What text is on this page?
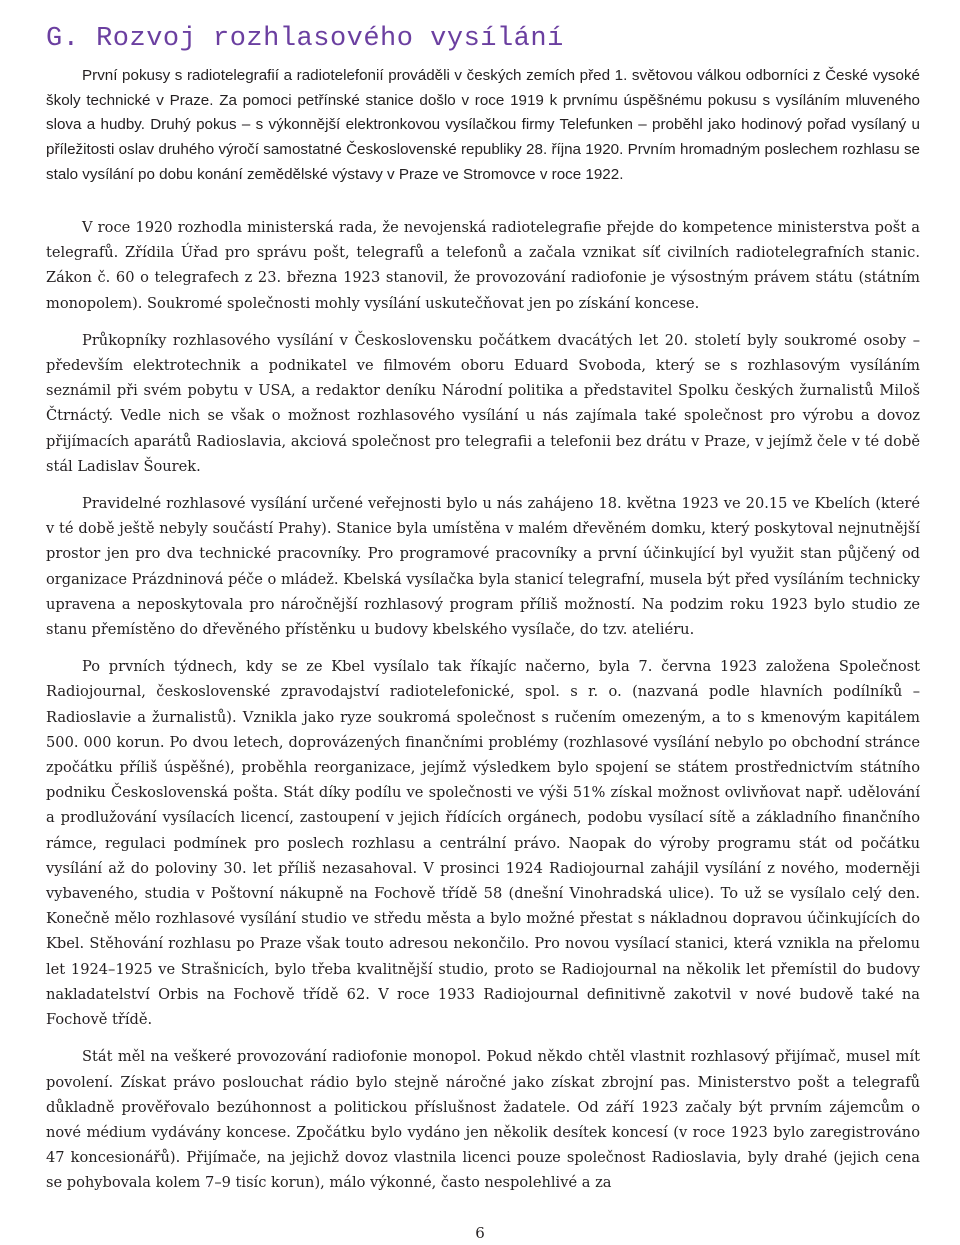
G. Rozvoj rozhlasového vysílání

První pokusy s radiotelegrafií a radiotelefonií prováděli v českých zemích před 1. světovou válkou odborníci z České vysoké školy technické v Praze. Za pomoci petřínské stanice došlo v roce 1919 k prvnímu úspěšnému pokusu s vysíláním mluveného slova a hudby. Druhý pokus – s výkonnější elektronkovou vysílačkou firmy Telefunken – proběhl jako hodinový pořad vysílaný u příležitosti oslav druhého výročí samostatné Československé republiky 28. října 1920. Prvním hromadným poslechem rozhlasu se stalo vysílání po dobu konání zemědělské výstavy v Praze ve Stromovce v roce 1922.

V roce 1920 rozhodla ministerská rada, že nevojenská radiotelegrafie přejde do kompetence ministerstva pošt a telegrafů. Zřídila Úřad pro správu pošt, telegrafů a telefonů a začala vznikat síť civilních radiotelegrafních stanic. Zákon č. 60 o telegrafech z 23. března 1923 stanovil, že provozování radiofonie je výsostným právem státu (státním monopolem). Soukromé společnosti mohly vysílání uskutečňovat jen po získání koncese.

Průkopníky rozhlasového vysílání v Československu počátkem dvacátých let 20. století byly soukromé osoby – především elektrotechnik a podnikatel ve filmovém oboru Eduard Svoboda, který se s rozhlasovým vysíláním seznámil při svém pobytu v USA, a redaktor deníku Národní politika a představitel Spolku českých žurnalistů Miloš Čtrnáctý. Vedle nich se však o možnost rozhlasového vysílání u nás zajímala také společnost pro výrobu a dovoz přijímacích aparátů Radioslavia, akciová společnost pro telegrafii a telefonii bez drátu v Praze, v jejímž čele v té době stál Ladislav Šourek.

Pravidelné rozhlasové vysílání určené veřejnosti bylo u nás zahájeno 18. května 1923 ve 20.15 ve Kbelích (které v té době ještě nebyly součástí Prahy). Stanice byla umístěna v malém dřevěném domku, který poskytoval nejnutnější prostor jen pro dva technické pracovníky. Pro programové pracovníky a první účinkující byl využit stan půjčený od organizace Prázdninová péče o mládež. Kbelská vysílačka byla stanicí telegrafní, musela být před vysíláním technicky upravena a neposkytovala pro náročnější rozhlasový program příliš možností. Na podzim roku 1923 bylo studio ze stanu přemístěno do dřevěného přístěnku u budovy kbelského vysílače, do tzv. ateliéru.

Po prvních týdnech, kdy se ze Kbel vysílalo tak říkajíc načerno, byla 7. června 1923 založena Společnost Radiojournal, československé zpravodajství radiotelefonické, spol. s r. o. (nazvaná podle hlavních podílníků – Radioslavie a žurnalistů). Vznikla jako ryze soukromá společnost s ručením omezeným, a to s kmenovým kapitálem 500. 000 korun. Po dvou letech, doprovázených finančními problémy (rozhlasové vysílání nebylo po obchodní stránce zpočátku příliš úspěšné), proběhla reorganizace, jejímž výsledkem bylo spojení se státem prostřednictvím státního podniku Československá pošta. Stát díky podílu ve společnosti ve výši 51% získal možnost ovlivňovat např. udělování a prodlužování vysílacích licencí, zastoupení v jejich řídících orgánech, podobu vysílací sítě a základního finančního rámce, regulaci podmínek pro poslech rozhlasu a centrální právo. Naopak do výroby programu stát od počátku vysílání až do poloviny 30. let příliš nezasahoval. V prosinci 1924 Radiojournal zahájil vysílání z nového, moderněji vybaveného, studia v Poštovní nákupně na Fochově třídě 58 (dnešní Vinohradská ulice). To už se vysílalo celý den. Konečně mělo rozhlasové vysílání studio ve středu města a bylo možné přestat s nákladnou dopravou účinkujících do Kbel. Stěhování rozhlasu po Praze však touto adresou nekončilo. Pro novou vysílací stanici, která vznikla na přelomu let 1924–1925 ve Strašnicích, bylo třeba kvalitnější studio, proto se Radiojournal na několik let přemístil do budovy nakladatelství Orbis na Fochově třídě 62. V roce 1933 Radiojournal definitivně zakotvil v nové budově také na Fochově třídě.

Stát měl na veškeré provozování radiofonie monopol. Pokud někdo chtěl vlastnit rozhlasový přijímač, musel mít povolení. Získat právo poslouchat rádio bylo stejně náročné jako získat zbrojní pas. Ministerstvo pošt a telegrafů důkladně prověřovalo bezúhonnost a politickou příslušnost žadatele. Od září 1923 začaly být prvním zájemcům o nové médium vydávány koncese. Zpočátku bylo vydáno jen několik desítek koncesí (v roce 1923 bylo zaregistrováno 47 koncesionářů). Přijímače, na jejichž dovoz vlastnila licenci pouze společnost Radioslavia, byly drahé (jejich cena se pohybovala kolem 7–9 tisíc korun), málo výkonné, často nespolehlivé a za

6
